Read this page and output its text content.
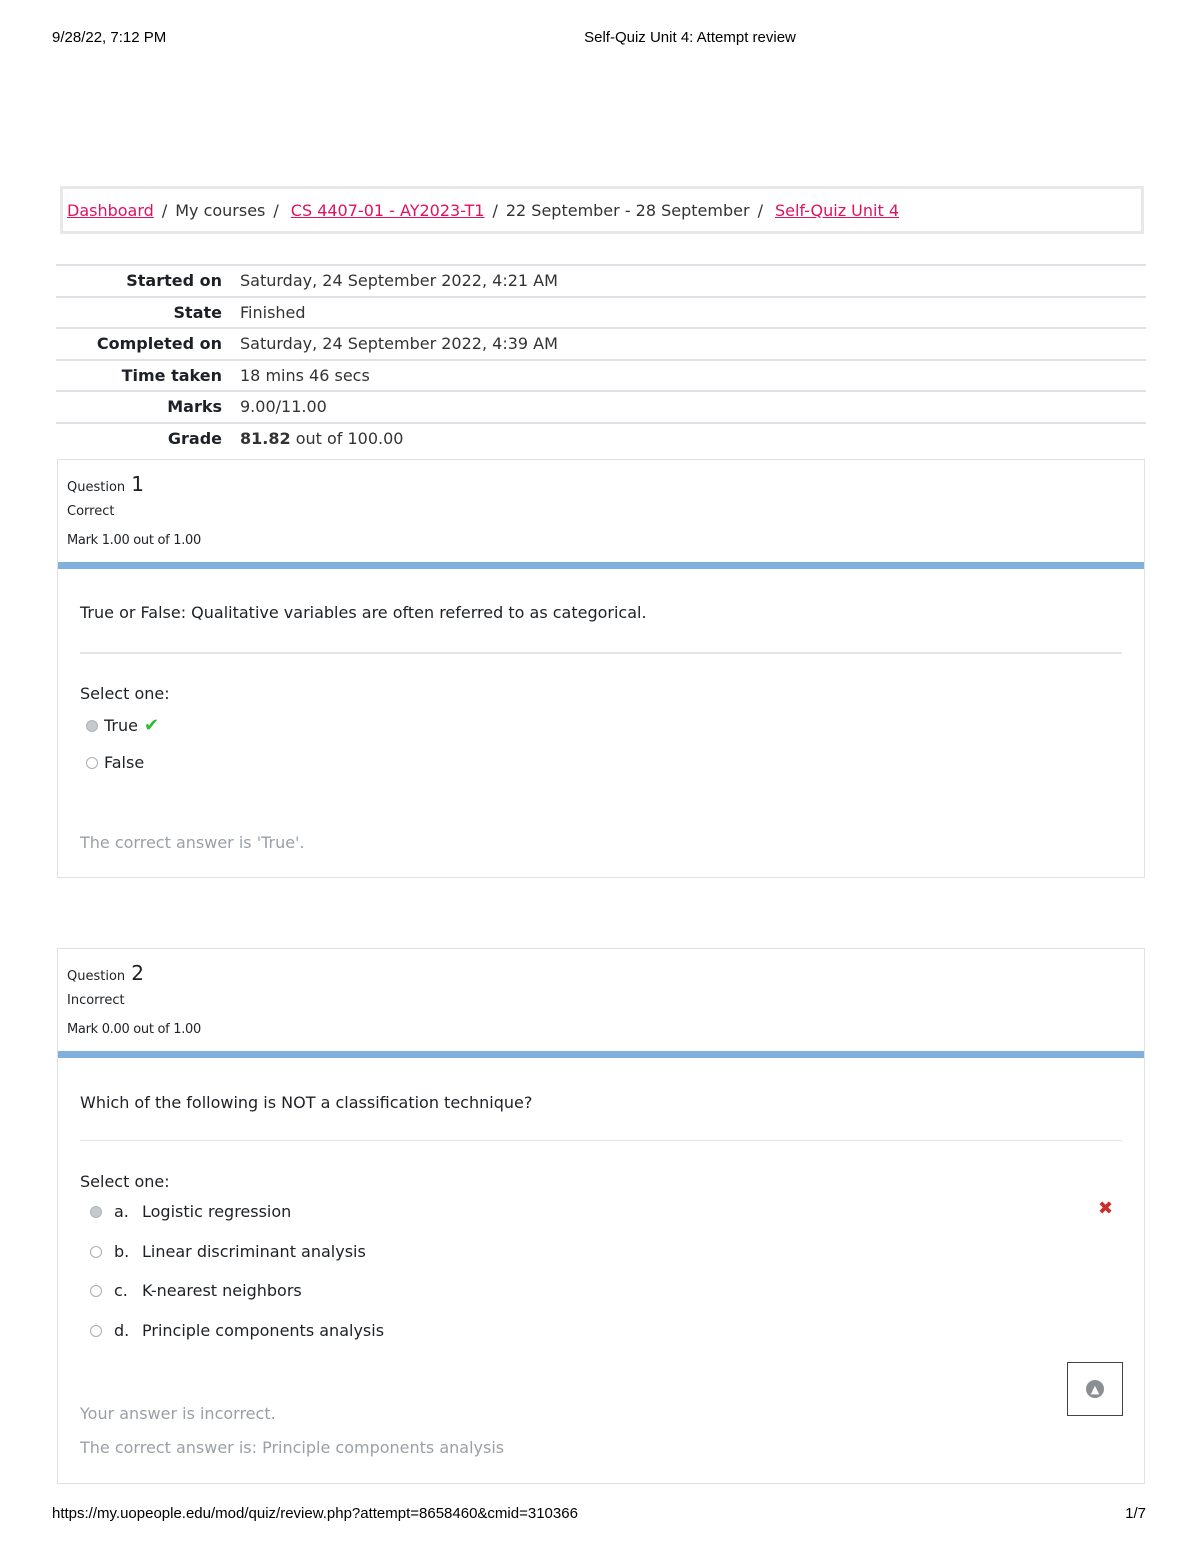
9/28/22, 7:12 PM	Self-Quiz Unit 4: Attempt review
Dashboard / My courses / CS 4407-01 - AY2023-T1 / 22 September - 28 September / Self-Quiz Unit 4
Started on	Saturday, 24 September 2022, 4:21 AM
State	Finished
Completed on	Saturday, 24 September 2022, 4:39 AM
Time taken	18 mins 46 secs
Marks	9.00/11.00
Grade	81.82 out of 100.00
Question 1
Correct
Mark 1.00 out of 1.00
True or False: Qualitative variables are often referred to as categorical.
Select one:
True ✔
False
The correct answer is 'True'.
Question 2
Incorrect
Mark 0.00 out of 1.00
Which of the following is NOT a classification technique?
Select one:
a. Logistic regression	✖
b. Linear discriminant analysis
c. K-nearest neighbors
d. Principle components analysis
Your answer is incorrect.
The correct answer is: Principle components analysis
▲
https://my.uopeople.edu/mod/quiz/review.php?attempt=8658460&cmid=310366	1/7
